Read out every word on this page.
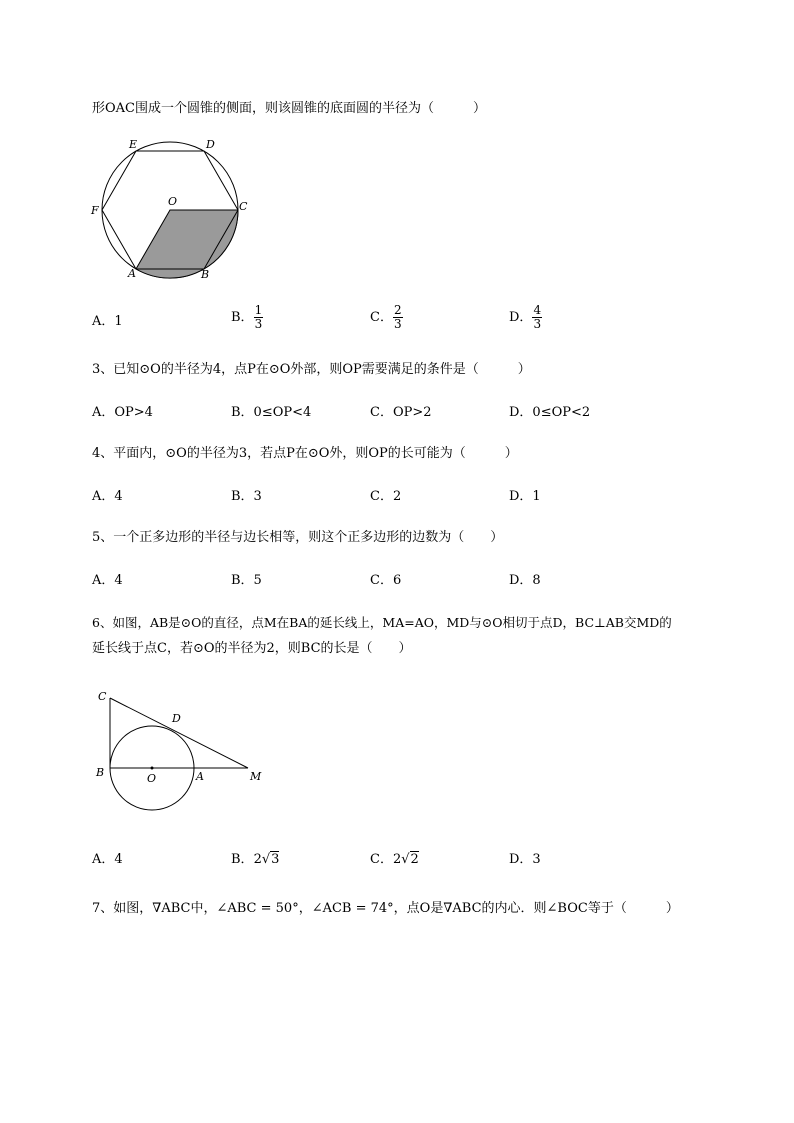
形OAC围成一个圆锥的侧面，则该圆锥的底面圆的半径为（　　　）
E	D
F
O	C
A	B
A．1	B． $\frac{1}{3}$	C． $\frac{2}{3}$	D． $\frac{4}{3}$
3、已知⊙O的半径为4，点P在⊙O外部，则OP需要满足的条件是（　　　）
A．OP>4	B．0≤OP<4	C．OP>2	D．0≤OP<2
4、平面内，⊙O的半径为3，若点P在⊙O外，则OP的长可能为（　　　）
A．4	B．3	C．2	D．1
5、一个正多边形的半径与边长相等，则这个正多边形的边数为（　　）
A．4	B．5	C．6	D．8
6、如图，AB是⊙O的直径，点M在BA的延长线上，MA=AO，MD与⊙O相切于点D，BC⊥AB交MD的
延长线于点C，若⊙O的半径为2，则BC的长是（　　）
C
D
B	O	A	M
A．4	B．2√3	C．2√2	D．3
7、如图，∇ABC中，∠ABC = 50°，∠ACB = 74°，点O是∇ABC的内心．则∠BOC等于（　　　）
